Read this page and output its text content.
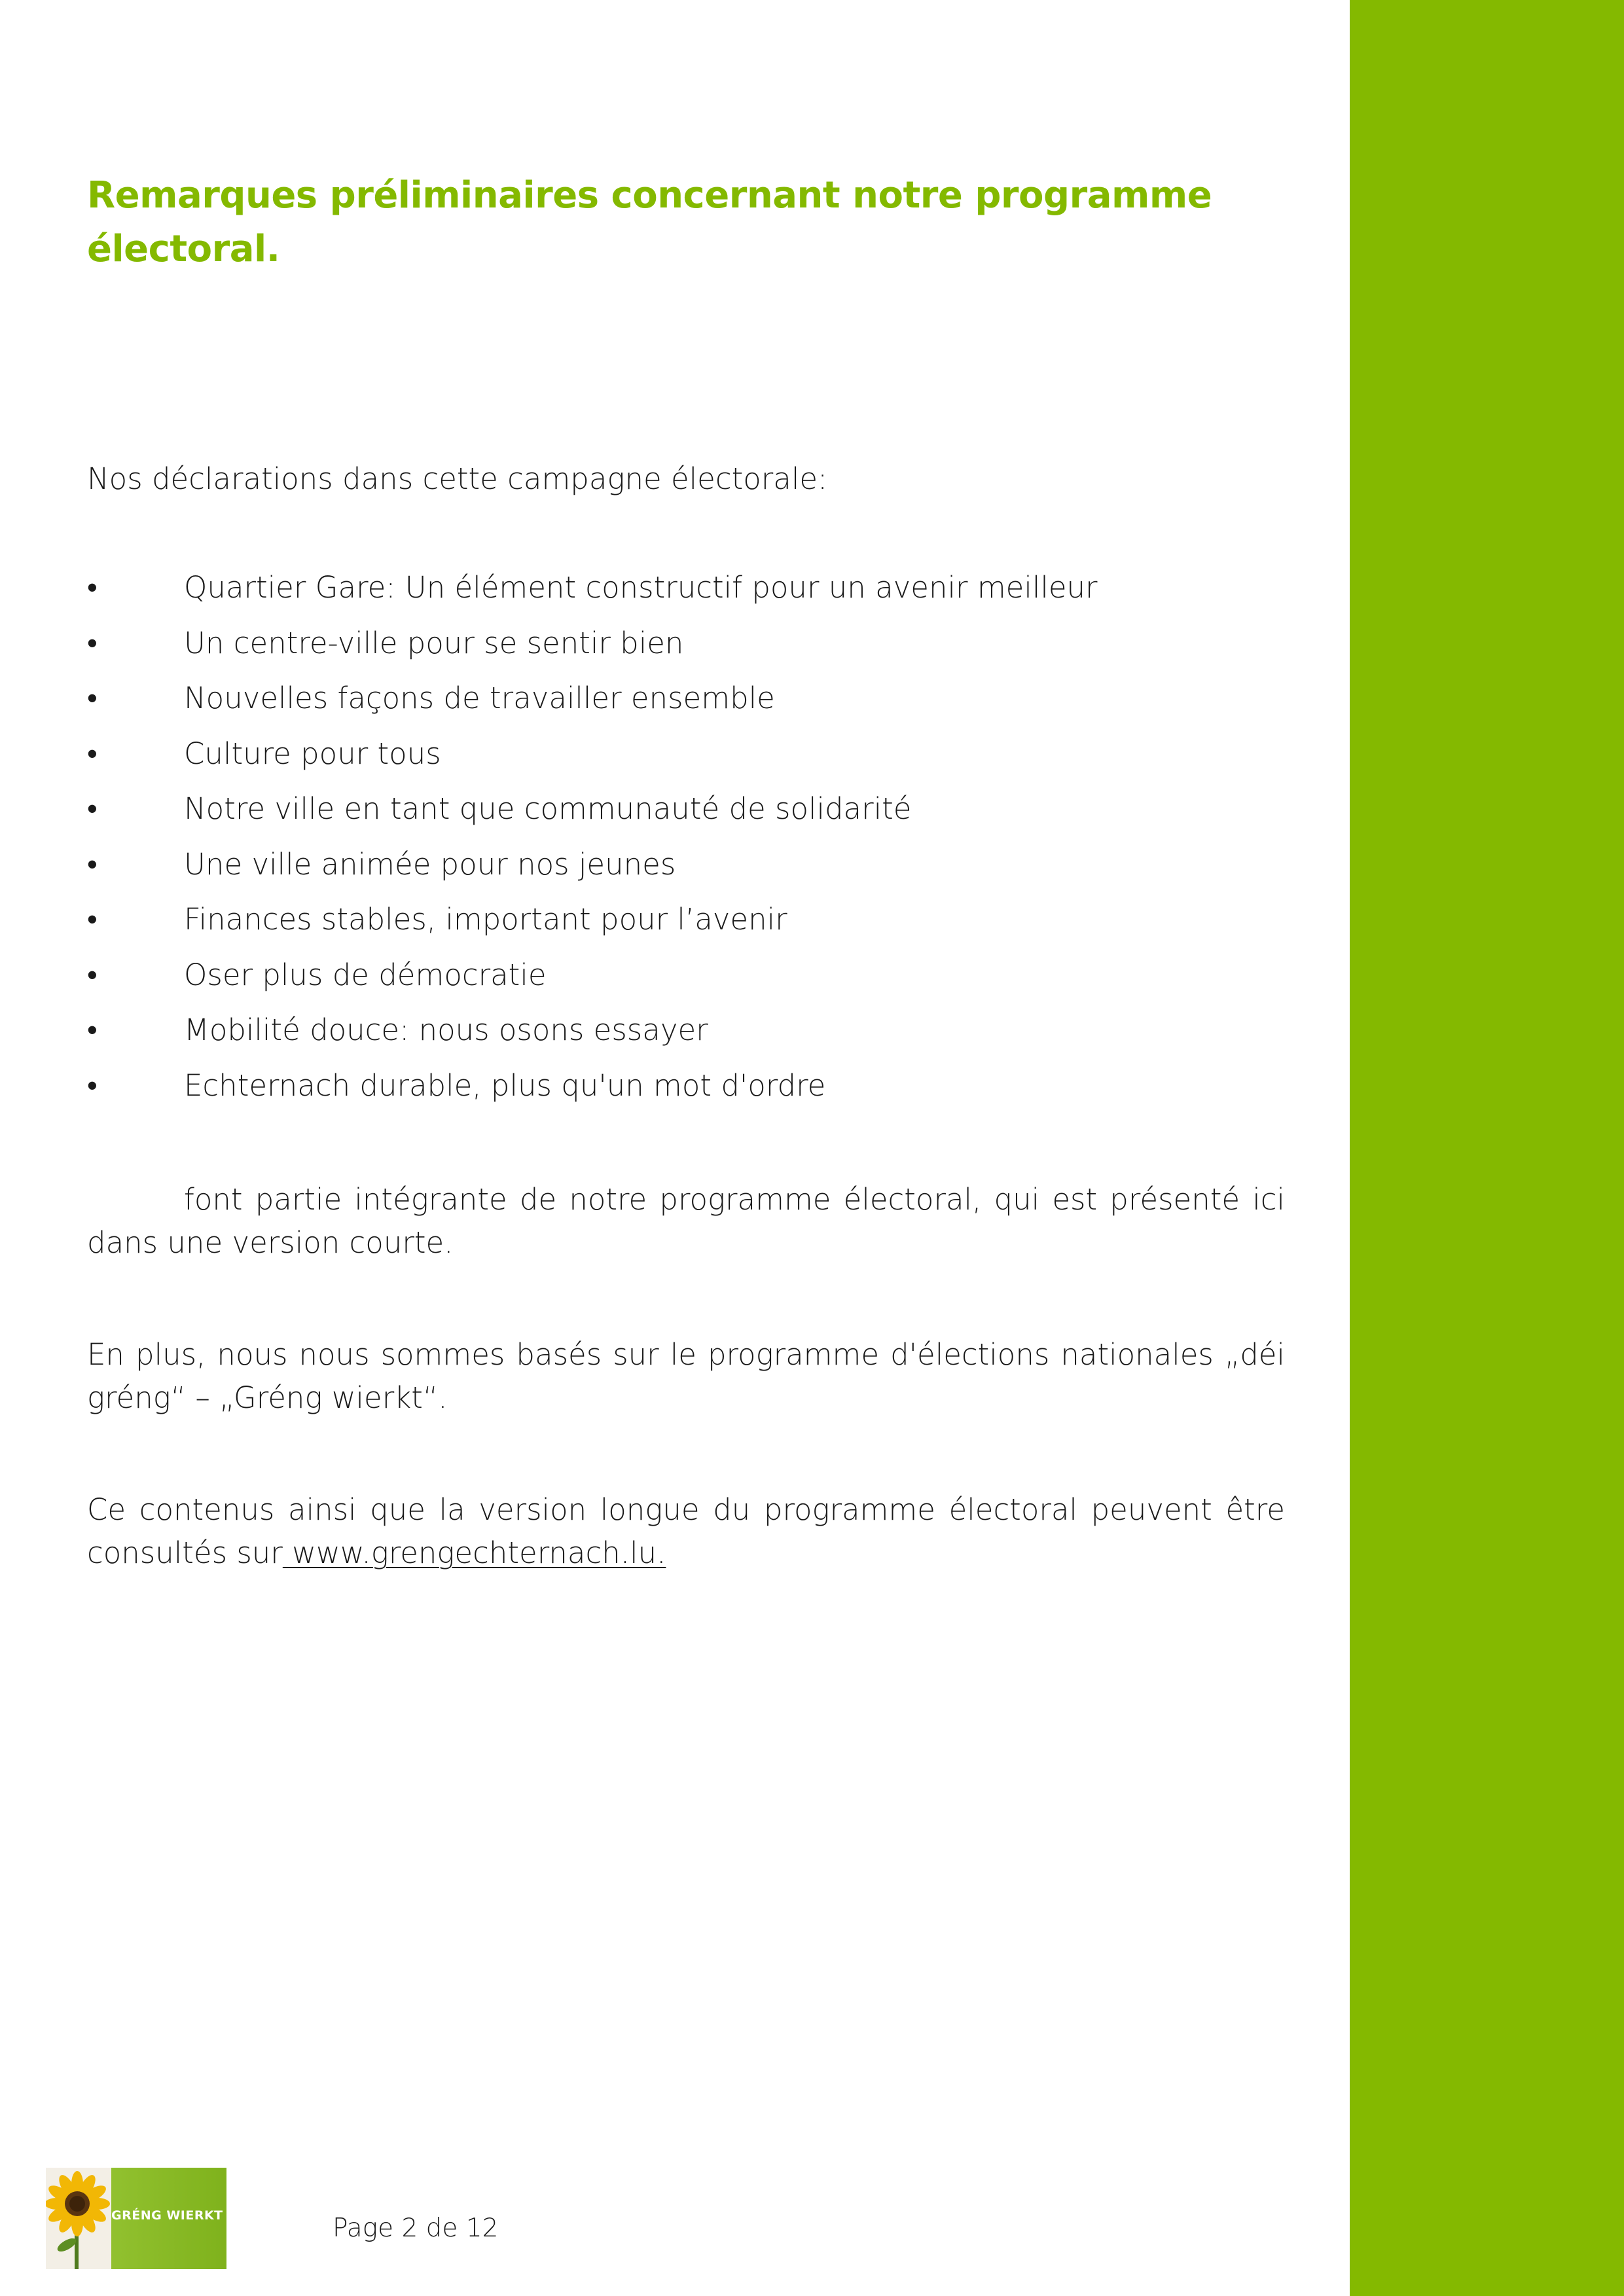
Remarques préliminaires concernant notre programme
électoral.

Nos déclarations dans cette campagne électorale:

•	Quartier Gare: Un élément constructif pour un avenir meilleur
•	Un centre-ville pour se sentir bien
•	Nouvelles façons de travailler ensemble
•	Culture pour tous
•	Notre ville en tant que communauté de solidarité
•	Une ville animée pour nos jeunes
•	Finances stables, important pour l’avenir
•	Oser plus de démocratie
•	Mobilité douce: nous osons essayer
•	Echternach durable, plus qu'un mot d'ordre

font partie intégrante de notre programme électoral, qui est présenté ici dans une version courte.

En plus, nous nous sommes basés sur le programme d'élections nationales „déi gréng“ – „Gréng wierkt“.

Ce contenus ainsi que la version longue du programme électoral peuvent être consultés sur www.grengechternach.lu.

GRÉNG WIERKT	Page 2 de 12
